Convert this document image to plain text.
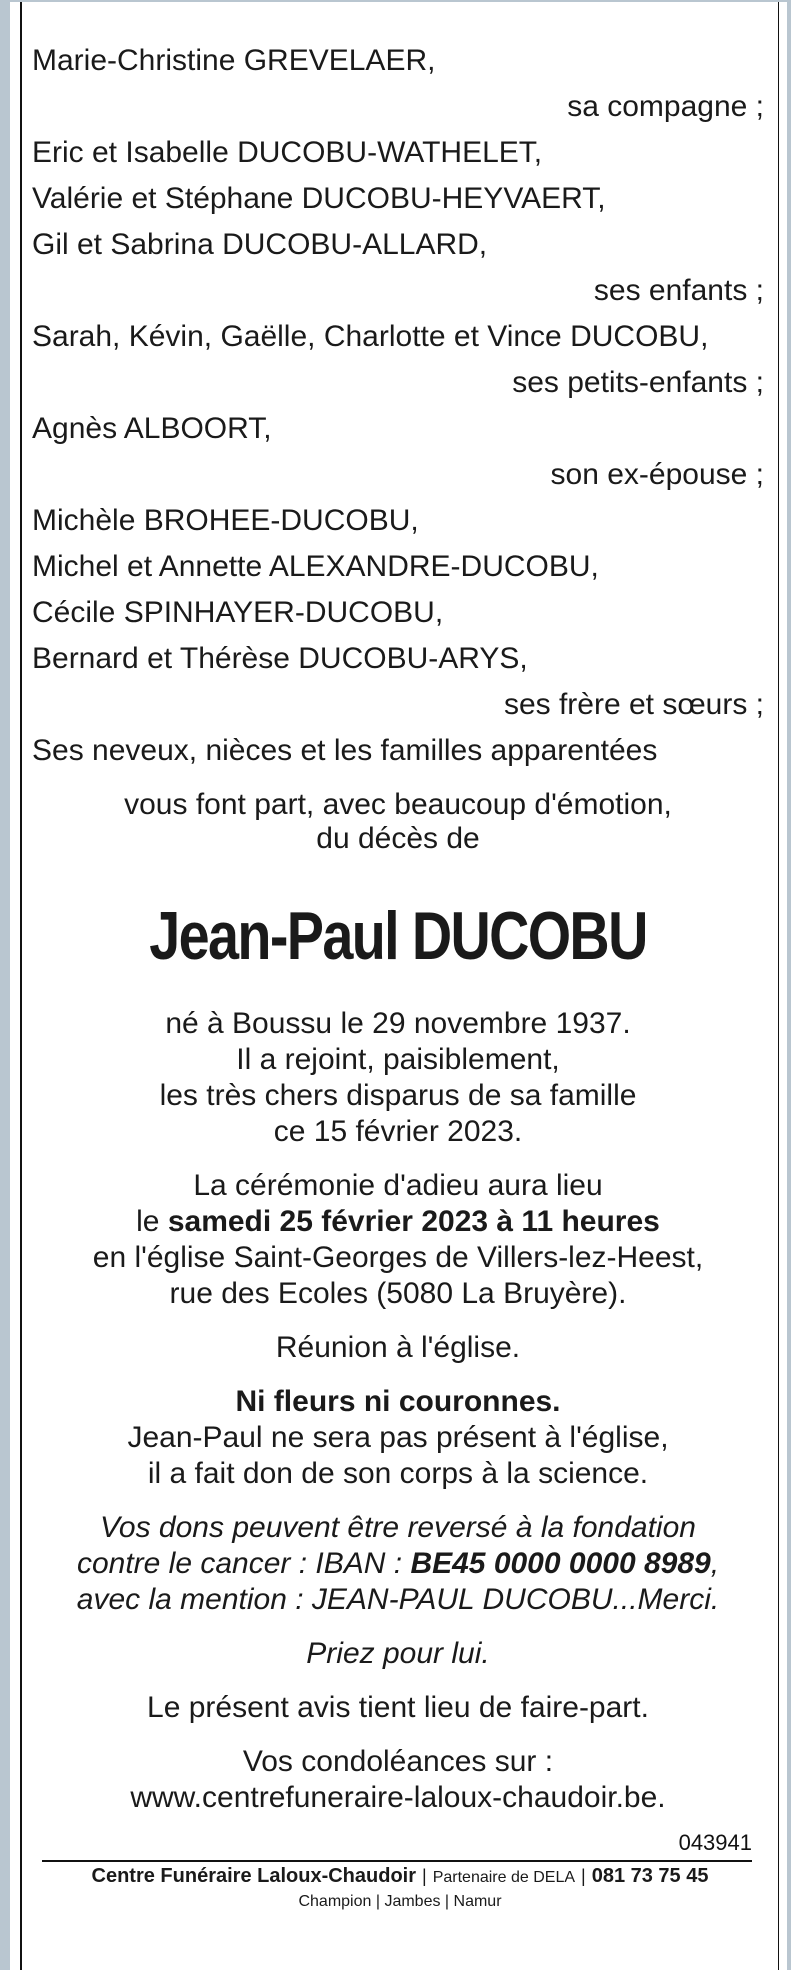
Marie-Christine GREVELAER,
sa compagne ;
Eric et Isabelle DUCOBU-WATHELET,
Valérie et Stéphane DUCOBU-HEYVAERT,
Gil et Sabrina DUCOBU-ALLARD,
ses enfants ;
Sarah, Kévin, Gaëlle, Charlotte et Vince DUCOBU,
ses petits-enfants ;
Agnès ALBOORT,
son ex-épouse ;
Michèle BROHEE-DUCOBU,
Michel et Annette ALEXANDRE-DUCOBU,
Cécile SPINHAYER-DUCOBU,
Bernard et Thérèse DUCOBU-ARYS,
ses frère et sœurs ;
Ses neveux, nièces et les familles apparentées
vous font part, avec beaucoup d'émotion,
du décès de
Jean-Paul DUCOBU
né à Boussu le 29 novembre 1937.
Il a rejoint, paisiblement,
les très chers disparus de sa famille
ce 15 février 2023.
La cérémonie d'adieu aura lieu
le samedi 25 février 2023 à 11 heures
en l'église Saint-Georges de Villers-lez-Heest,
rue des Ecoles (5080 La Bruyère).
Réunion à l'église.
Ni fleurs ni couronnes.
Jean-Paul ne sera pas présent à l'église,
il a fait don de son corps à la science.
Vos dons peuvent être reversé à la fondation
contre le cancer : IBAN : BE45 0000 0000 8989,
avec la mention : JEAN-PAUL DUCOBU...Merci.
Priez pour lui.
Le présent avis tient lieu de faire-part.
Vos condoléances sur :
www.centrefuneraire-laloux-chaudoir.be.
043941
Centre Funéraire Laloux-Chaudoir | Partenaire de DELA | 081 73 75 45
Champion | Jambes | Namur
